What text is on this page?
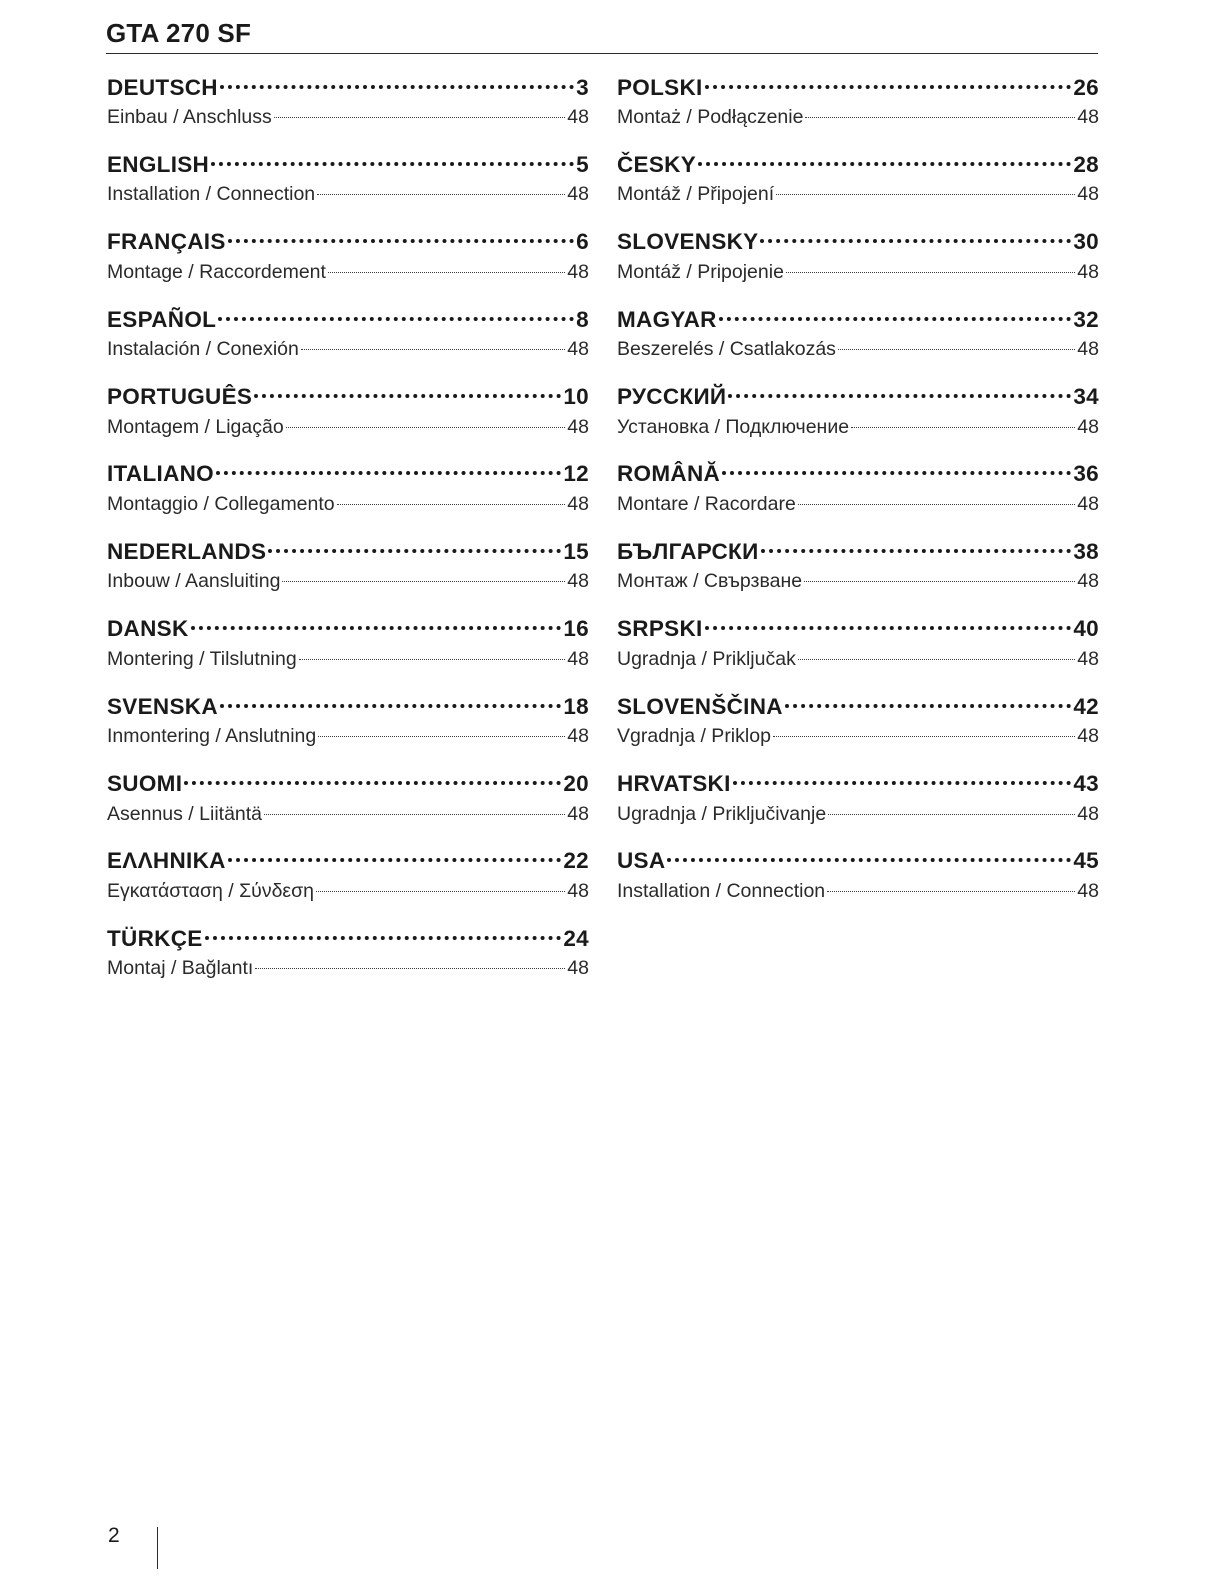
GTA 270 SF
DEUTSCH	3
Einbau / Anschluss	48
ENGLISH	5
Installation / Connection	48
FRANÇAIS	6
Montage / Raccordement	48
ESPAÑOL	8
Instalación / Conexión	48
PORTUGUÊS	10
Montagem / Ligação	48
ITALIANO	12
Montaggio / Collegamento	48
NEDERLANDS	15
Inbouw / Aansluiting	48
DANSK	16
Montering / Tilslutning	48
SVENSKA	18
Inmontering / Anslutning	48
SUOMI	20
Asennus / Liitäntä	48
ΕΛΛΗΝΙΚΑ	22
Εγκατάσταση / Σύνδεση	48
TÜRKÇE	24
Montaj / Bağlantı	48
POLSKI	26
Montaż / Podłączenie	48
ČESKY	28
Montáž / Připojení	48
SLOVENSKY	30
Montáž / Pripojenie	48
MAGYAR	32
Beszerelés / Csatlakozás	48
РУССКИЙ	34
Установка / Подключение	48
ROMÂNĂ	36
Montare / Racordare	48
БЪЛГАРСКИ	38
Монтаж / Свързване	48
SRPSKI	40
Ugradnja / Priključak	48
SLOVENŠČINA	42
Vgradnja / Priklop	48
HRVATSKI	43
Ugradnja / Priključivanje	48
USA	45
Installation / Connection	48
2
